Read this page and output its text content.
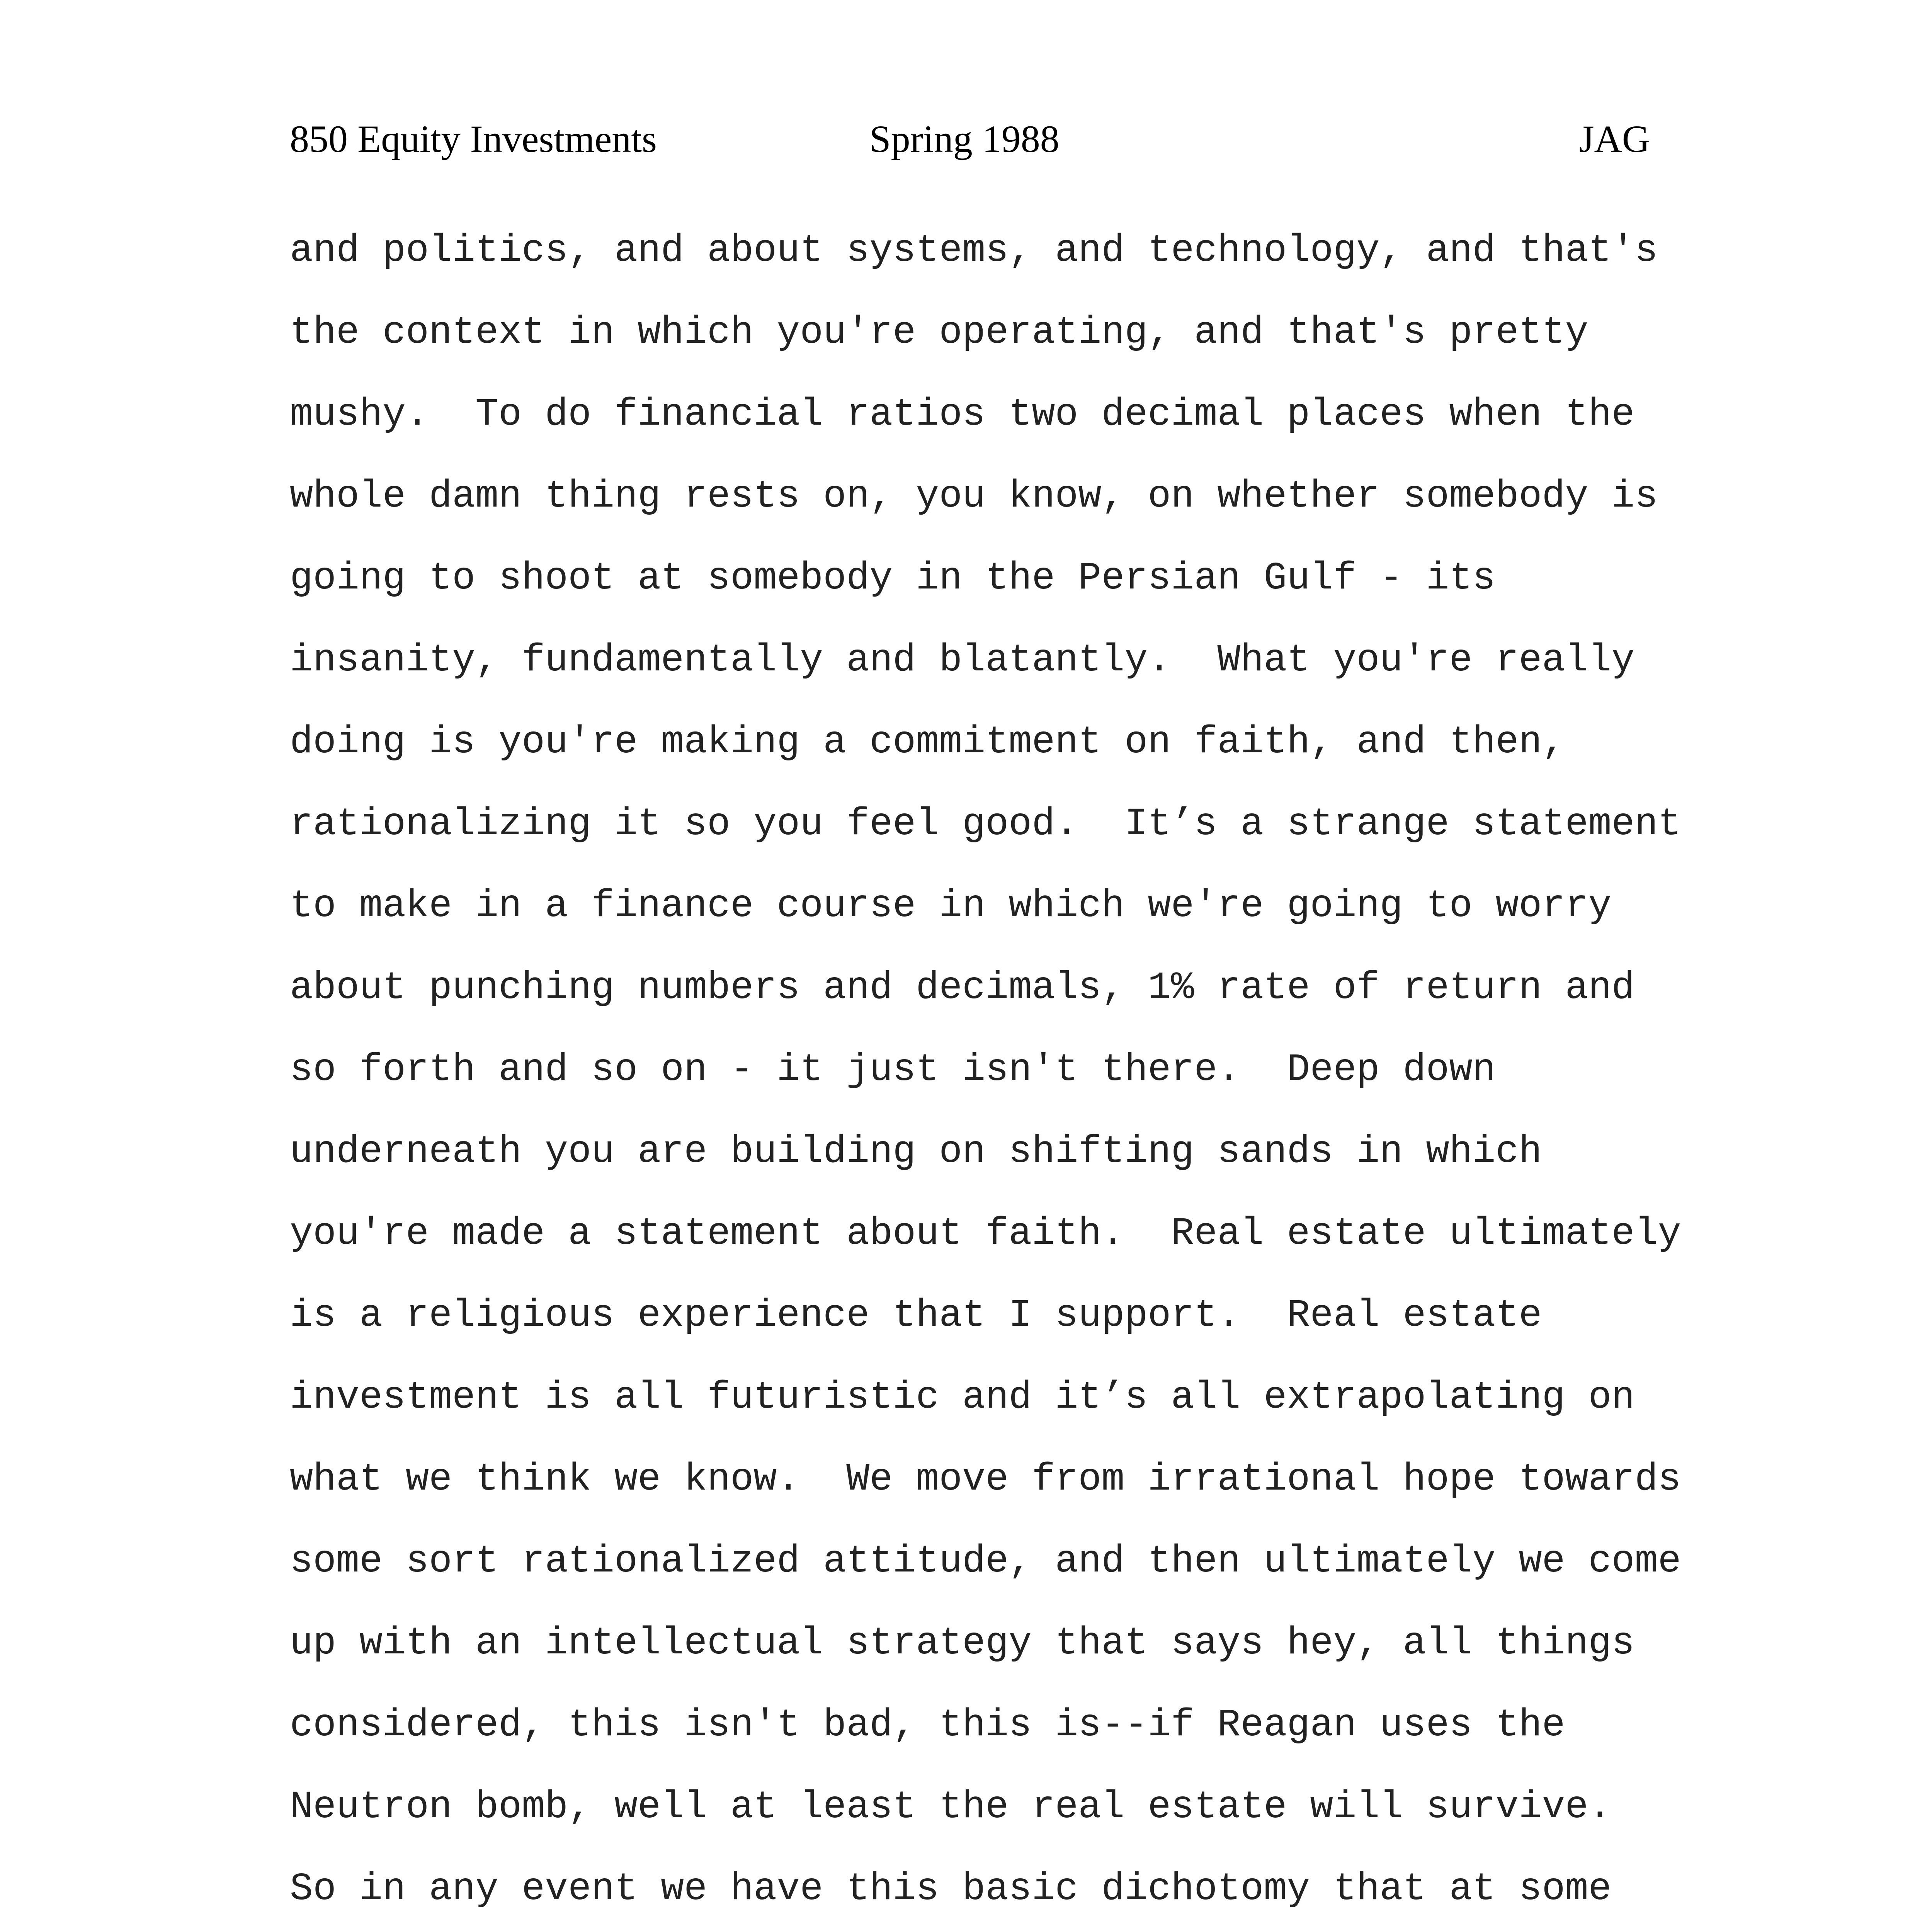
850 Equity Investments	Spring 1988	JAG
and politics, and about systems, and technology, and that's
the context in which you're operating, and that's pretty
mushy.  To do financial ratios two decimal places when the
whole damn thing rests on, you know, on whether somebody is
going to shoot at somebody in the Persian Gulf - its
insanity, fundamentally and blatantly.  What you're really
doing is you're making a commitment on faith, and then,
rationalizing it so you feel good.  It’s a strange statement
to make in a finance course in which we're going to worry
about punching numbers and decimals, 1% rate of return and
so forth and so on - it just isn't there.  Deep down
underneath you are building on shifting sands in which
you're made a statement about faith.  Real estate ultimately
is a religious experience that I support.  Real estate
investment is all futuristic and it’s all extrapolating on
what we think we know.  We move from irrational hope towards
some sort rationalized attitude, and then ultimately we come
up with an intellectual strategy that says hey, all things
considered, this isn't bad, this is--if Reagan uses the
Neutron bomb, well at least the real estate will survive.
So in any event we have this basic dichotomy that at some
